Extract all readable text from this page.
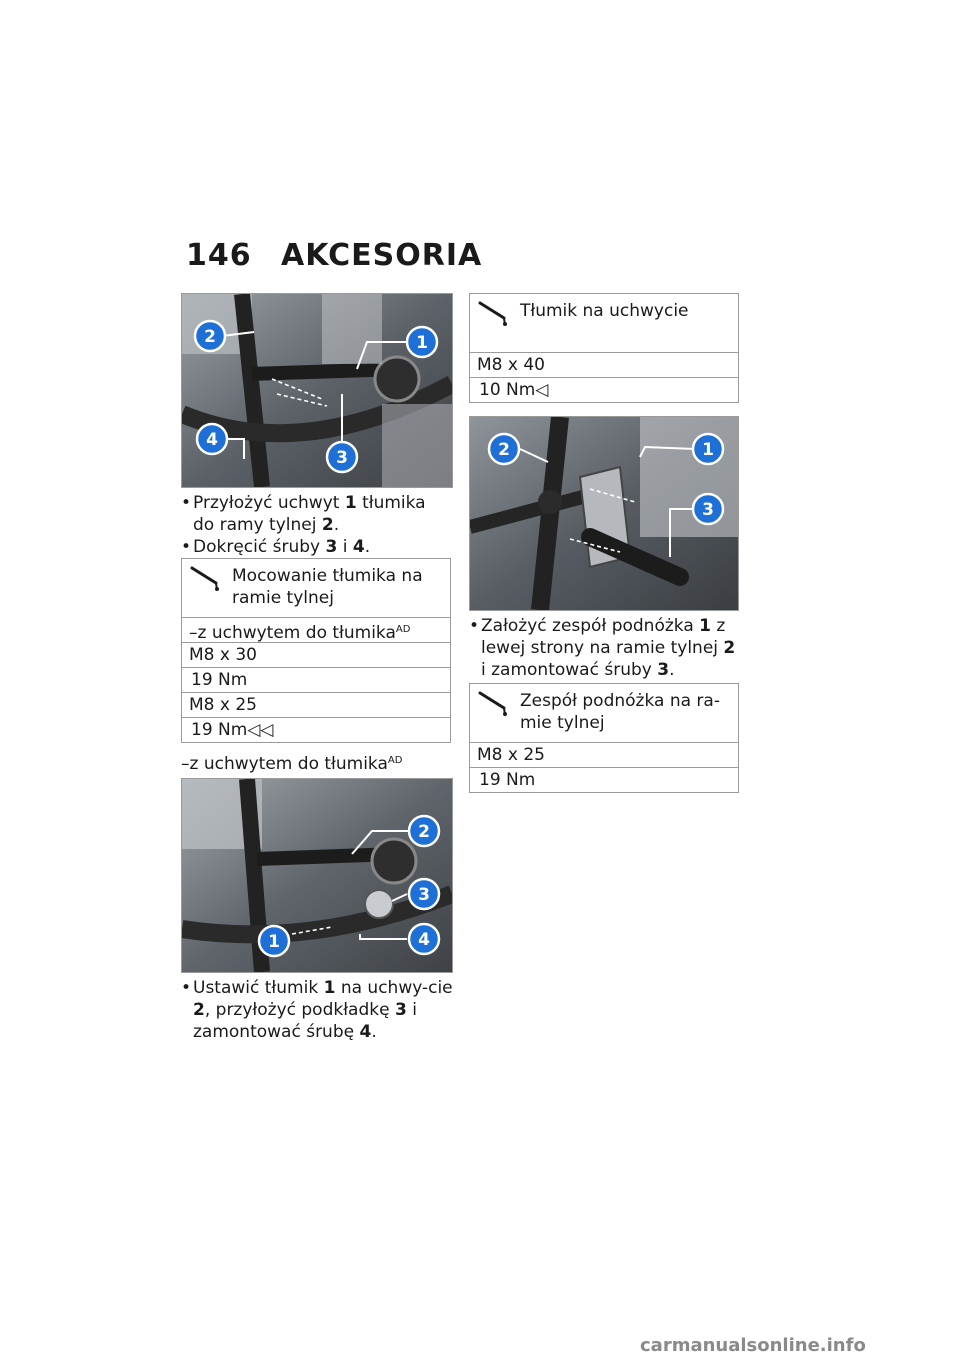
146 AKCESORIA
2	1
4
3
• Przyłożyć uchwyt 1 tłumika do ramy tylnej 2.
• Dokręcić śruby 3 i 4.
Mocowanie tłumika na ramie tylnej
–z uchwytem do tłumika$^{AD}$
M8 x 30
19 Nm
M8 x 25
19 Nm◁◁
–z uchwytem do tłumika$^{AD}$
2
3
1	4
• Ustawić tłumik 1 na uchwy-cie 2, przyłożyć podkładkę 3 i zamontować śrubę 4.
Tłumik na uchwycie
M8 x 40
10 Nm◁
2	1
3
• Założyć zespół podnóżka 1 z lewej strony na ramie tylnej 2 i zamontować śruby 3.
Zespół podnóżka na ra-mie tylnej
M8 x 25
19 Nm
carmanualsonline.info
